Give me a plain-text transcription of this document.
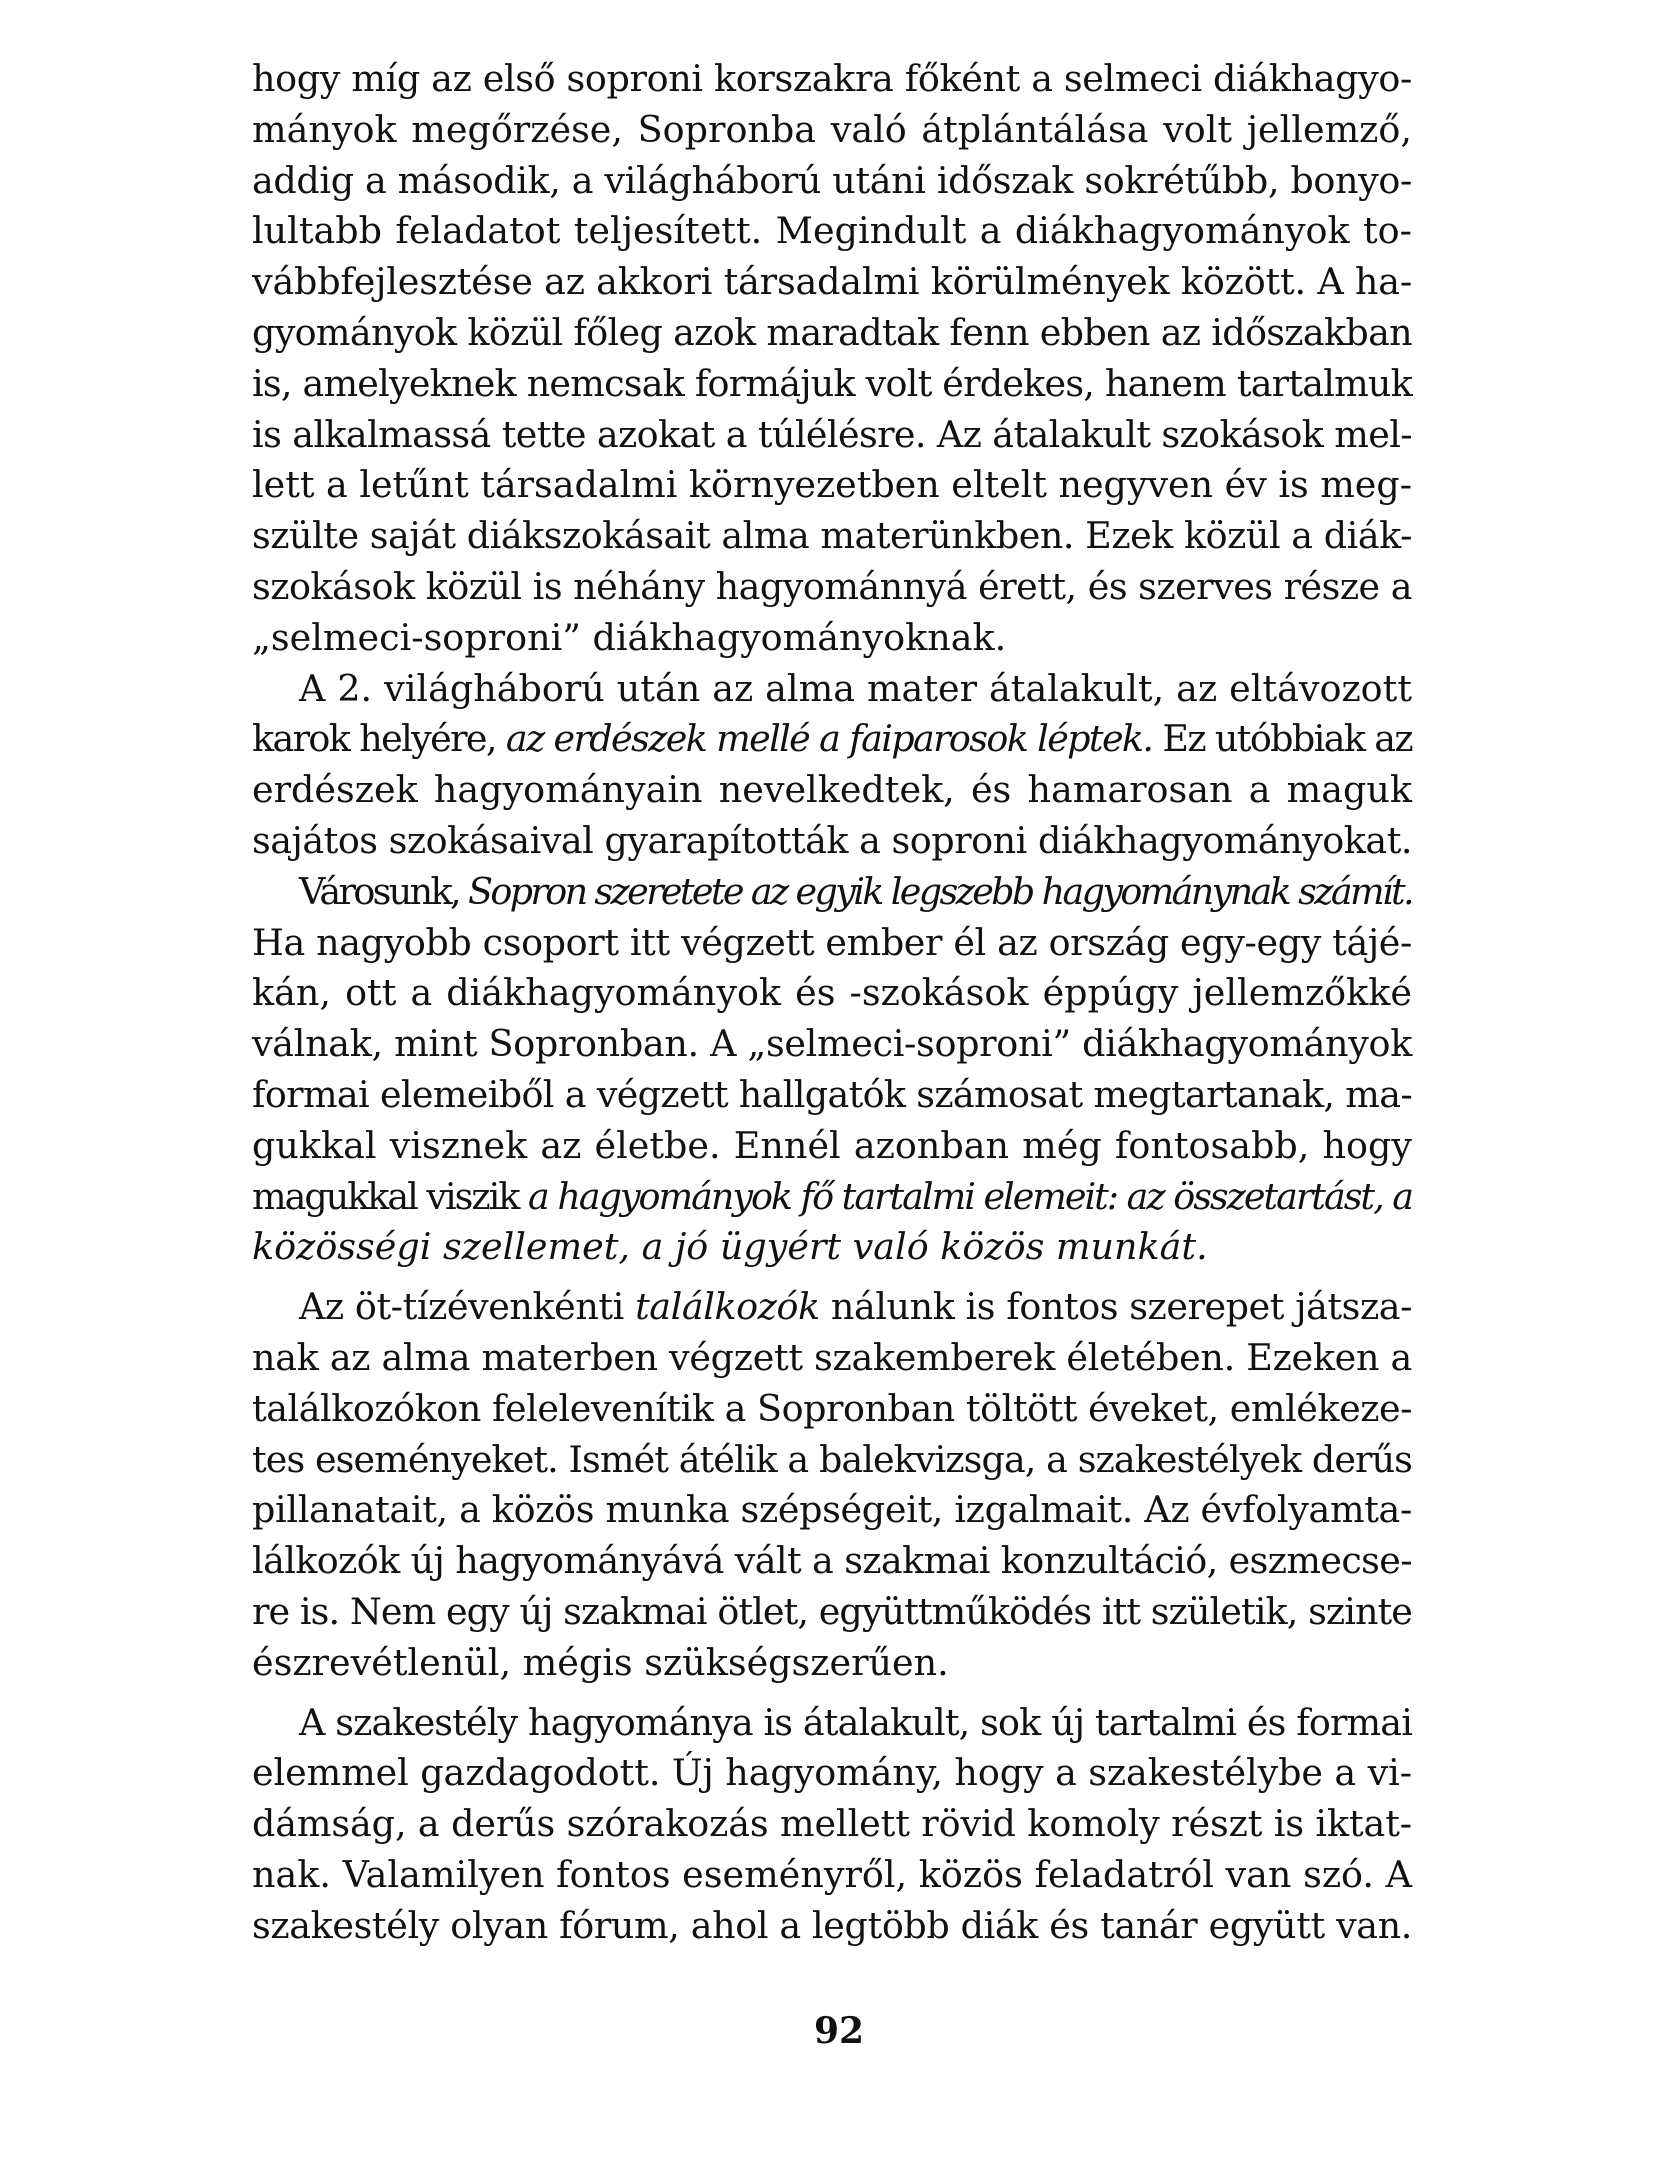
hogy míg az első soproni korszakra főként a selmeci diákhagyo-
mányok megőrzése, Sopronba való átplántálása volt jellemző,
addig a második, a világháború utáni időszak sokrétűbb, bonyo-
lultabb feladatot teljesített. Megindult a diákhagyományok to-
vábbfejlesztése az akkori társadalmi körülmények között. A ha-
gyományok közül főleg azok maradtak fenn ebben az időszakban
is, amelyeknek nemcsak formájuk volt érdekes, hanem tartalmuk
is alkalmassá tette azokat a túlélésre. Az átalakult szokások mel-
lett a letűnt társadalmi környezetben eltelt negyven év is meg-
szülte saját diákszokásait alma materünkben. Ezek közül a diák-
szokások közül is néhány hagyománnyá érett, és szerves része a
„selmeci-soproni” diákhagyományoknak.
A 2. világháború után az alma mater átalakult, az eltávozott
karok helyére, az erdészek mellé a faiparosok léptek. Ez utóbbiak az
erdészek hagyományain nevelkedtek, és hamarosan a maguk
sajátos szokásaival gyarapították a soproni diákhagyományokat.
Városunk, Sopron szeretete az egyik legszebb hagyománynak számít.
Ha nagyobb csoport itt végzett ember él az ország egy-egy tájé-
kán, ott a diákhagyományok és -szokások éppúgy jellemzőkké
válnak, mint Sopronban. A „selmeci-soproni” diákhagyományok
formai elemeiből a végzett hallgatók számosat megtartanak, ma-
gukkal visznek az életbe. Ennél azonban még fontosabb, hogy
magukkal viszik a hagyományok fő tartalmi elemeit: az összetartást, a
közösségi szellemet, a jó ügyért való közös munkát.
Az öt-tízévenkénti találkozók nálunk is fontos szerepet játsza-
nak az alma materben végzett szakemberek életében. Ezeken a
találkozókon felelevenítik a Sopronban töltött éveket, emlékeze-
tes eseményeket. Ismét átélik a balekvizsga, a szakestélyek derűs
pillanatait, a közös munka szépségeit, izgalmait. Az évfolyamta-
lálkozók új hagyományává vált a szakmai konzultáció, eszmecse-
re is. Nem egy új szakmai ötlet, együttműködés itt születik, szinte
észrevétlenül, mégis szükségszerűen.
A szakestély hagyománya is átalakult, sok új tartalmi és formai
elemmel gazdagodott. Új hagyomány, hogy a szakestélybe a vi-
dámság, a derűs szórakozás mellett rövid komoly részt is iktat-
nak. Valamilyen fontos eseményről, közös feladatról van szó. A
szakestély olyan fórum, ahol a legtöbb diák és tanár együtt van.
92
